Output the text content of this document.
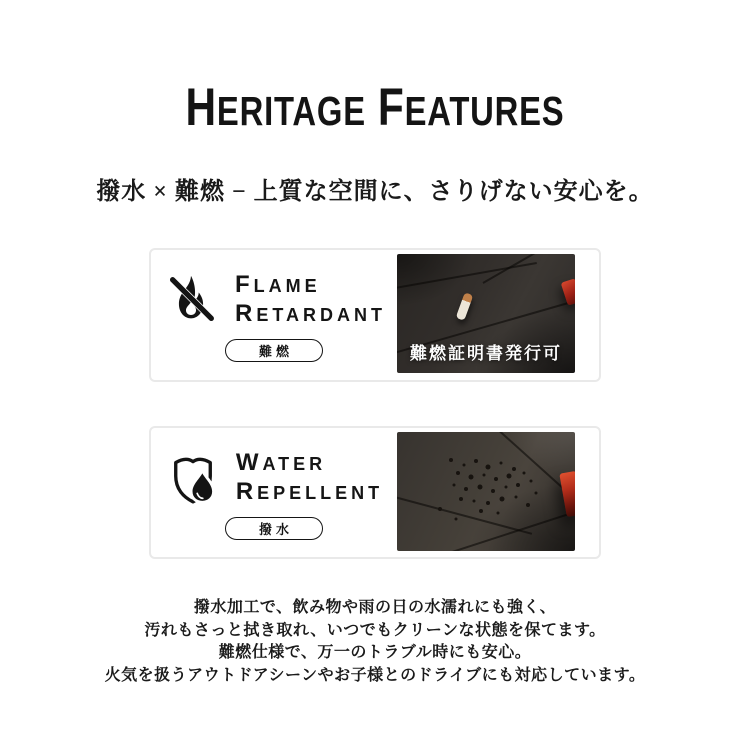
HERITAGE FEATURES

撥水 × 難燃 − 上質な空間に、さりげない安心を。

FLAME
RETARDANT
難燃	難燃証明書発行可
WATER
REPELLENT
撥水

撥水加工で、飲み物や雨の日の水濡れにも強く、
汚れもさっと拭き取れ、いつでもクリーンな状態を保てます。
難燃仕様で、万一のトラブル時にも安心。
火気を扱うアウトドアシーンやお子様とのドライブにも対応しています。
